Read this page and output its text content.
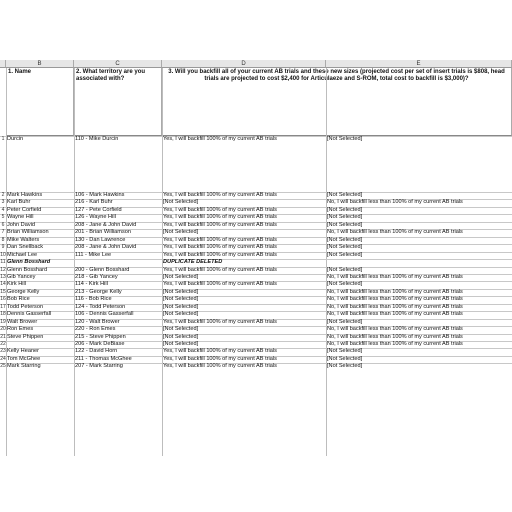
B	C	D	E
1. Name	2. What territory are you associated with?
3. Will you backfill all of your current AB trials and these new sizes (projected cost per set of insert trials is $808, head trials are projected to cost $2,400 for Articulaeze and S-ROM, total cost to backfill is $3,000)?
1 Durcin	110 - Mike Durcin	Yes, I will backfill 100% of my current AB trials	[Not Selected]
2 Mark Hawkins	106 - Mark Hawkins	Yes, I will backfill 100% of my current AB trials	[Not Selected]
3 Karl Buhr	216 - Karl Buhr	[Not Selected]	No, I will backfill less than 100% of my current AB trials
4 Peter Corfield	127 - Pete Corfield	Yes, I will backfill 100% of my current AB trials	[Not Selected]
5 Wayne Hill	126 - Wayne Hill	Yes, I will backfill 100% of my current AB trials	[Not Selected]
6 John David	208 - Jane & John David	Yes, I will backfill 100% of my current AB trials	[Not Selected]
7 Brian Williamson	201 - Brian Williamson	[Not Selected]	No, I will backfill less than 100% of my current AB trials
8 Mike Walters	130 - Dan Lawrence	Yes, I will backfill 100% of my current AB trials	[Not Selected]
9 Dan Snellback	208 - Jane & John David	Yes, I will backfill 100% of my current AB trials	[Not Selected]
10 Michael Lee	111 - Mike Lee	Yes, I will backfill 100% of my current AB trials	[Not Selected]
11 Glenn Bosshard	DUPLICATE DELETED
12 Glenn Bosshard	200 - Glenn Bosshard	Yes, I will backfill 100% of my current AB trials	[Not Selected]
13 Gib Yancey	218 - Gib Yancey	[Not Selected]	No, I will backfill less than 100% of my current AB trials
14 Kirk Hill	114 - Kirk Hill	Yes, I will backfill 100% of my current AB trials	[Not Selected]
15 George Kelly	213 - George Kelly	[Not Selected]	No, I will backfill less than 100% of my current AB trials
16 Bob Rice	116 - Bob Rice	[Not Selected]	No, I will backfill less than 100% of my current AB trials
17 Todd Peterson	124 - Todd Peterson	[Not Selected]	No, I will backfill less than 100% of my current AB trials
18 Dennis Gasserfall	106 - Dennis Gasserfall	[Not Selected]	No, I will backfill less than 100% of my current AB trials
19 Walt Brower	120 - Walt Brower	Yes, I will backfill 100% of my current AB trials	[Not Selected]
20 Ron Emes	220 - Ron Emes	[Not Selected]	No, I will backfill less than 100% of my current AB trials
21 Steve Phippen	215 - Steve Phippen	[Not Selected]	No, I will backfill less than 100% of my current AB trials
22	206 - Mark DeBiase	[Not Selected]	No, I will backfill less than 100% of my current AB trials
23 Kelly Heaner	122 - David Horn	Yes, I will backfill 100% of my current AB trials	[Not Selected]
24 Tom McGhee	211 - Thomas McGhee	Yes, I will backfill 100% of my current AB trials	[Not Selected]
25 Mark Starring	207 - Mark Starring	Yes, I will backfill 100% of my current AB trials	[Not Selected]
